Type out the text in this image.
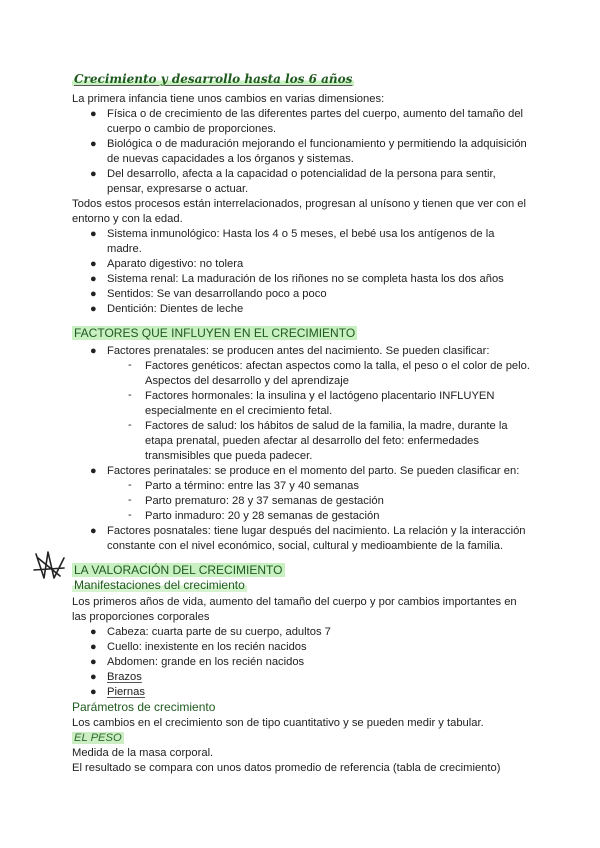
Crecimiento y desarrollo hasta los 6 años
La primera infancia tiene unos cambios en varias dimensiones:
● Física o de crecimiento de las diferentes partes del cuerpo, aumento del tamaño del
cuerpo o cambio de proporciones.
● Biológica o de maduración mejorando el funcionamiento y permitiendo la adquisición
de nuevas capacidades a los órganos y sistemas.
● Del desarrollo, afecta a la capacidad o potencialidad de la persona para sentir,
pensar, expresarse o actuar.
Todos estos procesos están interrelacionados, progresan al unísono y tienen que ver con el
entorno y con la edad.
● Sistema inmunológico: Hasta los 4 o 5 meses, el bebé usa los antígenos de la
madre.
● Aparato digestivo: no tolera
● Sistema renal: La maduración de los riñones no se completa hasta los dos años
● Sentidos: Se van desarrollando poco a poco
● Dentición: Dientes de leche
FACTORES QUE INFLUYEN EN EL CRECIMIENTO
● Factores prenatales: se producen antes del nacimiento. Se pueden clasificar:
- Factores genéticos: afectan aspectos como la talla, el peso o el color de pelo.
Aspectos del desarrollo y del aprendizaje
- Factores hormonales: la insulina y el lactógeno placentario INFLUYEN
especialmente en el crecimiento fetal.
- Factores de salud: los hábitos de salud de la familia, la madre, durante la
etapa prenatal, pueden afectar al desarrollo del feto: enfermedades
transmisibles que pueda padecer.
● Factores perinatales: se produce en el momento del parto. Se pueden clasificar en:
- Parto a término: entre las 37 y 40 semanas
- Parto prematuro: 28 y 37 semanas de gestación
- Parto inmaduro: 20 y 28 semanas de gestación
● Factores posnatales: tiene lugar después del nacimiento. La relación y la interacción
constante con el nivel económico, social, cultural y medioambiente de la familia.
LA VALORACIÓN DEL CRECIMIENTO
Manifestaciones del crecimiento
Los primeros años de vida, aumento del tamaño del cuerpo y por cambios importantes en
las proporciones corporales
● Cabeza: cuarta parte de su cuerpo, adultos 7
● Cuello: inexistente en los recién nacidos
● Abdomen: grande en los recién nacidos
● Brazos
● Piernas
Parámetros de crecimiento
Los cambios en el crecimiento son de tipo cuantitativo y se pueden medir y tabular.
EL PESO
Medida de la masa corporal.
El resultado se compara con unos datos promedio de referencia (tabla de crecimiento)
